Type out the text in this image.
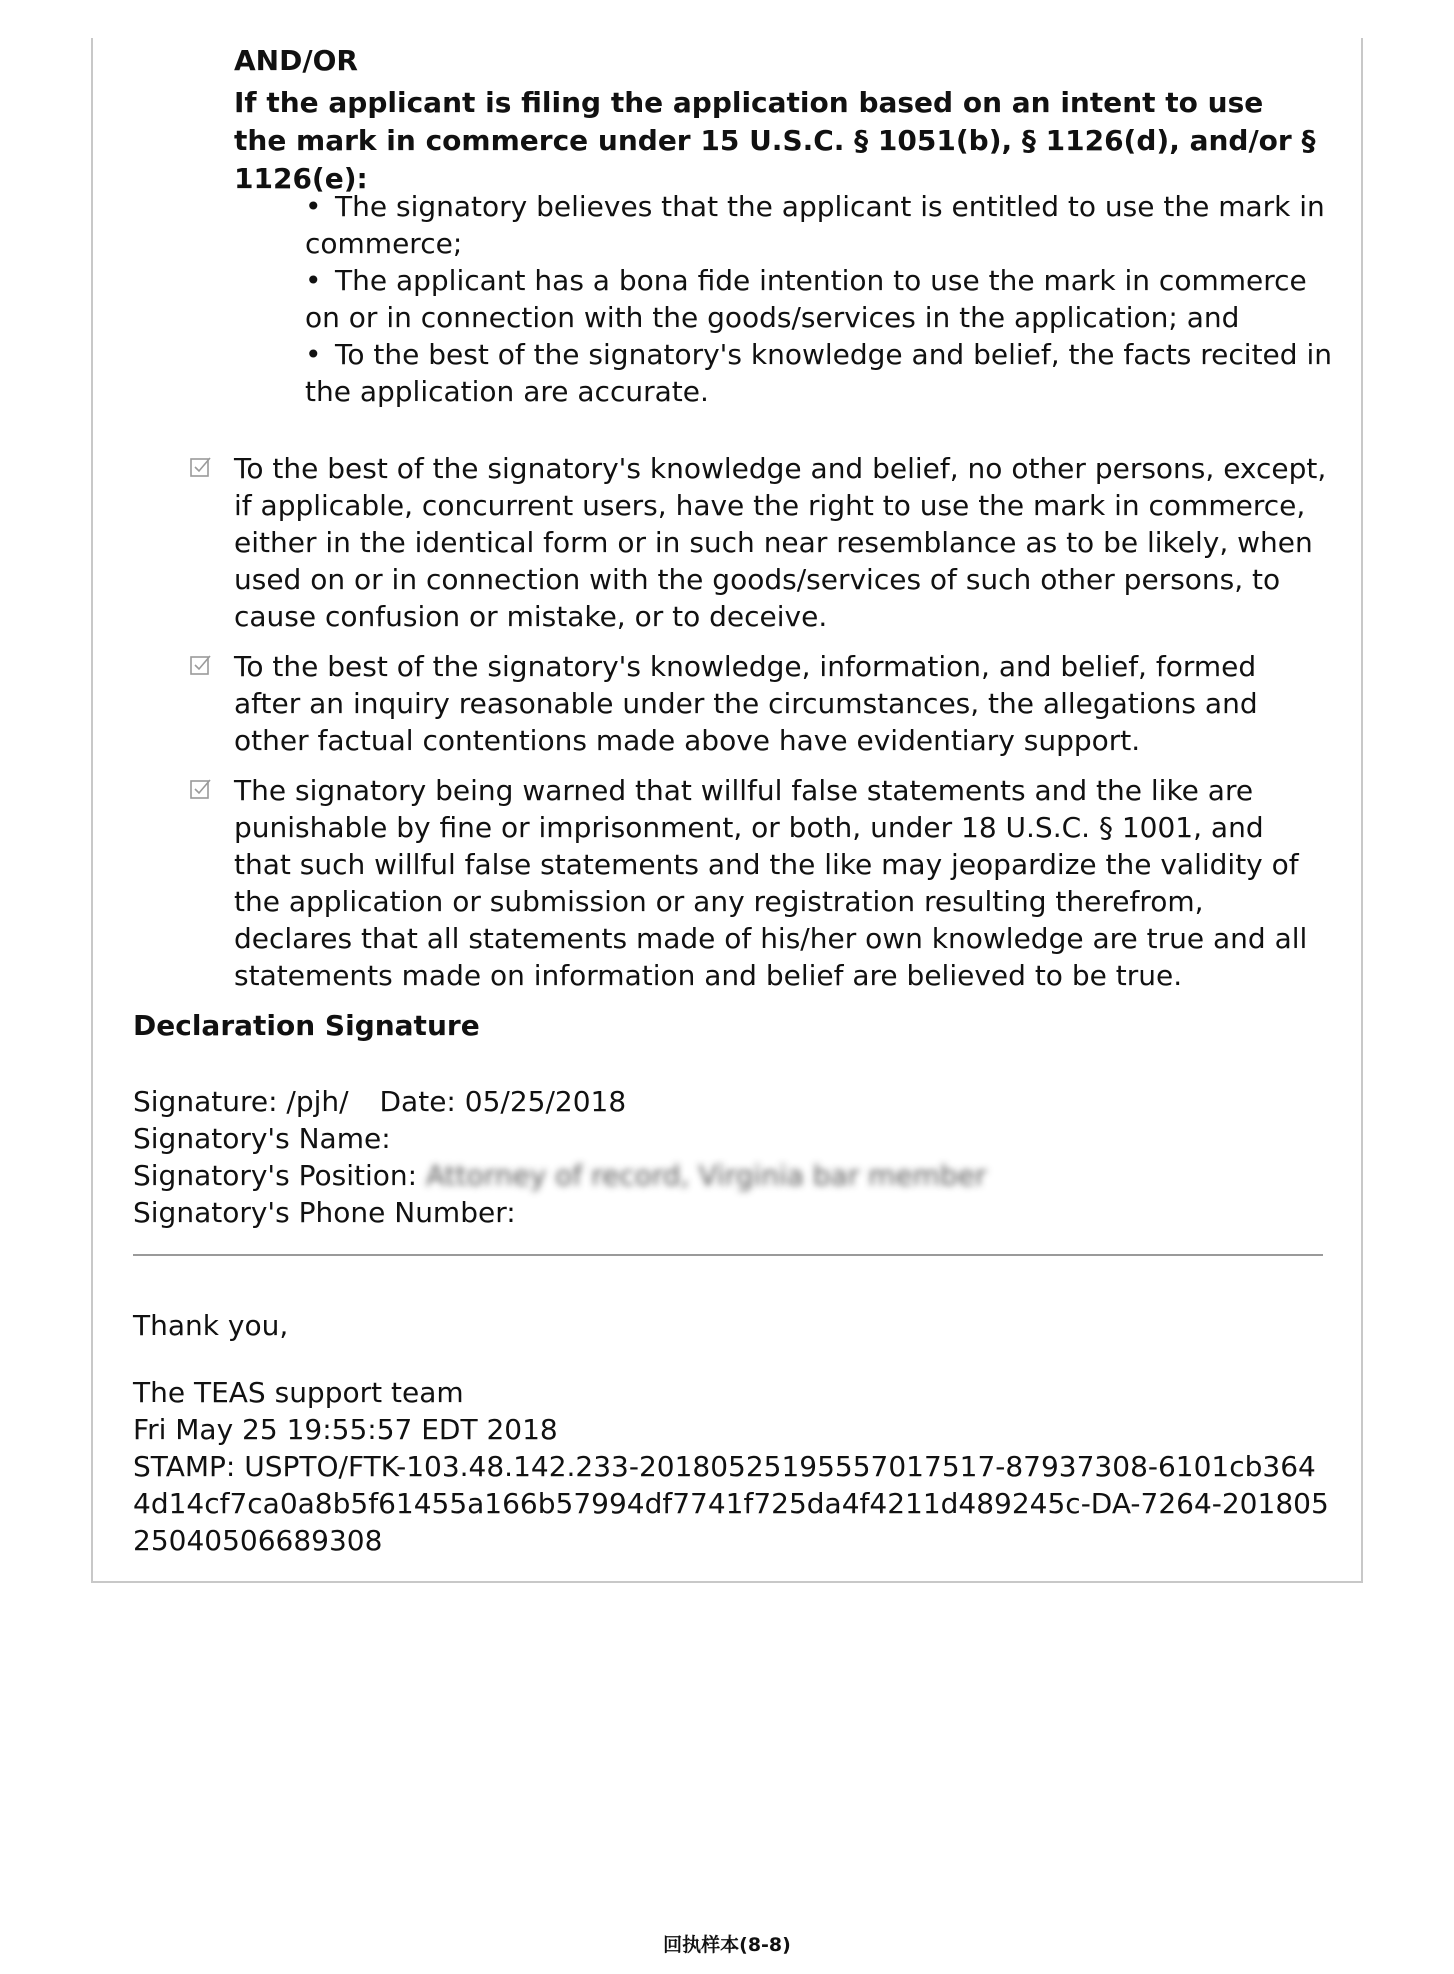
AND/OR
If the applicant is filing the application based on an intent to use the mark in commerce under 15 U.S.C. § 1051(b), § 1126(d), and/or § 1126(e):
• The signatory believes that the applicant is entitled to use the mark in commerce;
• The applicant has a bona fide intention to use the mark in commerce on or in connection with the goods/services in the application; and
• To the best of the signatory's knowledge and belief, the facts recited in the application are accurate.
To the best of the signatory's knowledge and belief, no other persons, except, if applicable, concurrent users, have the right to use the mark in commerce, either in the identical form or in such near resemblance as to be likely, when used on or in connection with the goods/services of such other persons, to cause confusion or mistake, or to deceive.
To the best of the signatory's knowledge, information, and belief, formed after an inquiry reasonable under the circumstances, the allegations and other factual contentions made above have evidentiary support.
The signatory being warned that willful false statements and the like are punishable by fine or imprisonment, or both, under 18 U.S.C. § 1001, and that such willful false statements and the like may jeopardize the validity of the application or submission or any registration resulting therefrom, declares that all statements made of his/her own knowledge are true and all statements made on information and belief are believed to be true.
Declaration Signature
Signature: /pjh/ Date: 05/25/2018
Signatory's Name:
Signatory's Position: Attorney of record, Virginia bar member
Signatory's Phone Number:
Thank you,
The TEAS support team
Fri May 25 19:55:57 EDT 2018
STAMP: USPTO/FTK-103.48.142.233-20180525195557017517-87937308-6101cb3644d14cf7ca0a8b5f61455a166b57994df7741f725da4f4211d489245c-DA-7264-20180525040506689308
回执样本(8-8)
